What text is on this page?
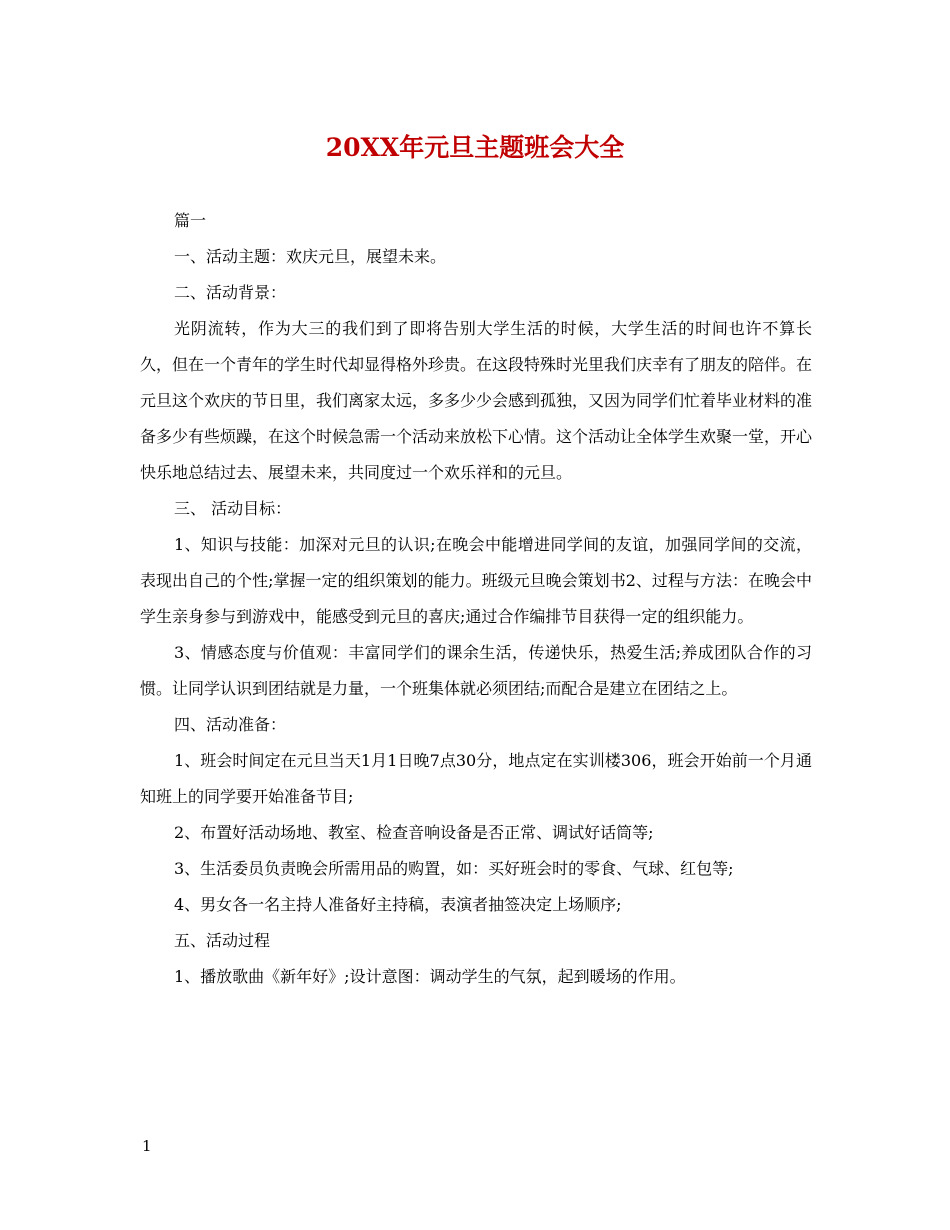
20XX年元旦主题班会大全

篇一

一、活动主题：欢庆元旦，展望未来。

二、活动背景：

光阴流转，作为大三的我们到了即将告别大学生活的时候，大学生活的时间也许不算长久，但在一个青年的学生时代却显得格外珍贵。在这段特殊时光里我们庆幸有了朋友的陪伴。在元旦这个欢庆的节日里，我们离家太远，多多少少会感到孤独，又因为同学们忙着毕业材料的准备多少有些烦躁，在这个时候急需一个活动来放松下心情。这个活动让全体学生欢聚一堂，开心快乐地总结过去、展望未来，共同度过一个欢乐祥和的元旦。

三、 活动目标：

1、知识与技能：加深对元旦的认识;在晚会中能增进同学间的友谊，加强同学间的交流，表现出自己的个性;掌握一定的组织策划的能力。班级元旦晚会策划书2、过程与方法：在晚会中学生亲身参与到游戏中，能感受到元旦的喜庆;通过合作编排节目获得一定的组织能力。

3、情感态度与价值观：丰富同学们的课余生活，传递快乐，热爱生活;养成团队合作的习惯。让同学认识到团结就是力量，一个班集体就必须团结;而配合是建立在团结之上。

四、活动准备：

1、班会时间定在元旦当天1月1日晚7点30分，地点定在实训楼306，班会开始前一个月通知班上的同学要开始准备节目;

2、布置好活动场地、教室、检查音响设备是否正常、调试好话筒等;

3、生活委员负责晚会所需用品的购置，如：买好班会时的零食、气球、红包等;

4、男女各一名主持人准备好主持稿，表演者抽签决定上场顺序;

五、活动过程

1、播放歌曲《新年好》;设计意图：调动学生的气氛，起到暖场的作用。

1
